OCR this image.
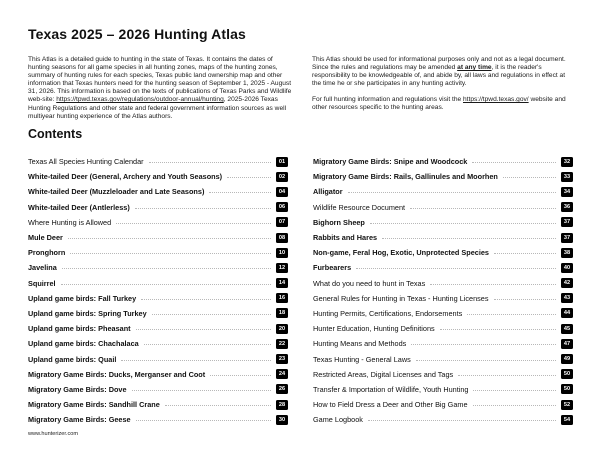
Texas 2025 – 2026 Hunting Atlas

This Atlas is a detailed guide to hunting in the state of Texas. It contains the dates of hunting seasons for all game species in all hunting zones, maps of the hunting zones, summary of hunting rules for each species, Texas public land ownership map and other information that Texas hunters need for the hunting season of September 1, 2025 - August 31, 2026. This information is based on the texts of publications of Texas Parks and Wildlife web-site: https://tpwd.texas.gov/regulations/outdoor-annual/hunting, 2025-2026 Texas Hunting Regulations and other state and federal government information sources as well multiyear hunting experience of the Atlas authors.

This Atlas should be used for informational purposes only and not as a legal document. Since the rules and regulations may be amended at any time, it is the reader's responsibility to be knowledgeable of, and abide by, all laws and regulations in effect at the time he or she participates in any hunting activity.

For full hunting information and regulations visit the https://tpwd.texas.gov/ website and other resources specific to the hunting areas.

Contents
Texas All Species Hunting Calendar	01
White-tailed Deer (General, Archery and Youth Seasons)	02
White-tailed Deer (Muzzleloader and Late Seasons)	04
White-tailed Deer (Antlerless)	06
Where Hunting is Allowed	07
Mule Deer	08
Pronghorn	10
Javelina	12
Squirrel	14
Upland game birds: Fall Turkey	16
Upland game birds: Spring Turkey	18
Upland game birds: Pheasant	20
Upland game birds: Chachalaca	22
Upland game birds: Quail	23
Migratory Game Birds: Ducks, Merganser and Coot	24
Migratory Game Birds: Dove	26
Migratory Game Birds: Sandhill Crane	28
Migratory Game Birds: Geese	30
Migratory Game Birds: Snipe and Woodcock	32
Migratory Game Birds: Rails, Gallinules and Moorhen	33
Alligator	34
Wildlife Resource Document	36
Bighorn Sheep	37
Rabbits and Hares	37
Non-game, Feral Hog, Exotic, Unprotected Species	38
Furbearers	40
What do you need to hunt in Texas	42
General Rules for Hunting in Texas - Hunting Licenses	43
Hunting Permits, Certifications, Endorsements	44
Hunter Education, Hunting Definitions	45
Hunting Means and Methods	47
Texas Hunting - General Laws	49
Restricted Areas, Digital Licenses and Tags	50
Transfer & Importation of Wildlife, Youth Hunting	50
How to Field Dress a Deer and Other Big Game	52
Game Logbook	54
www.hunterizer.com
